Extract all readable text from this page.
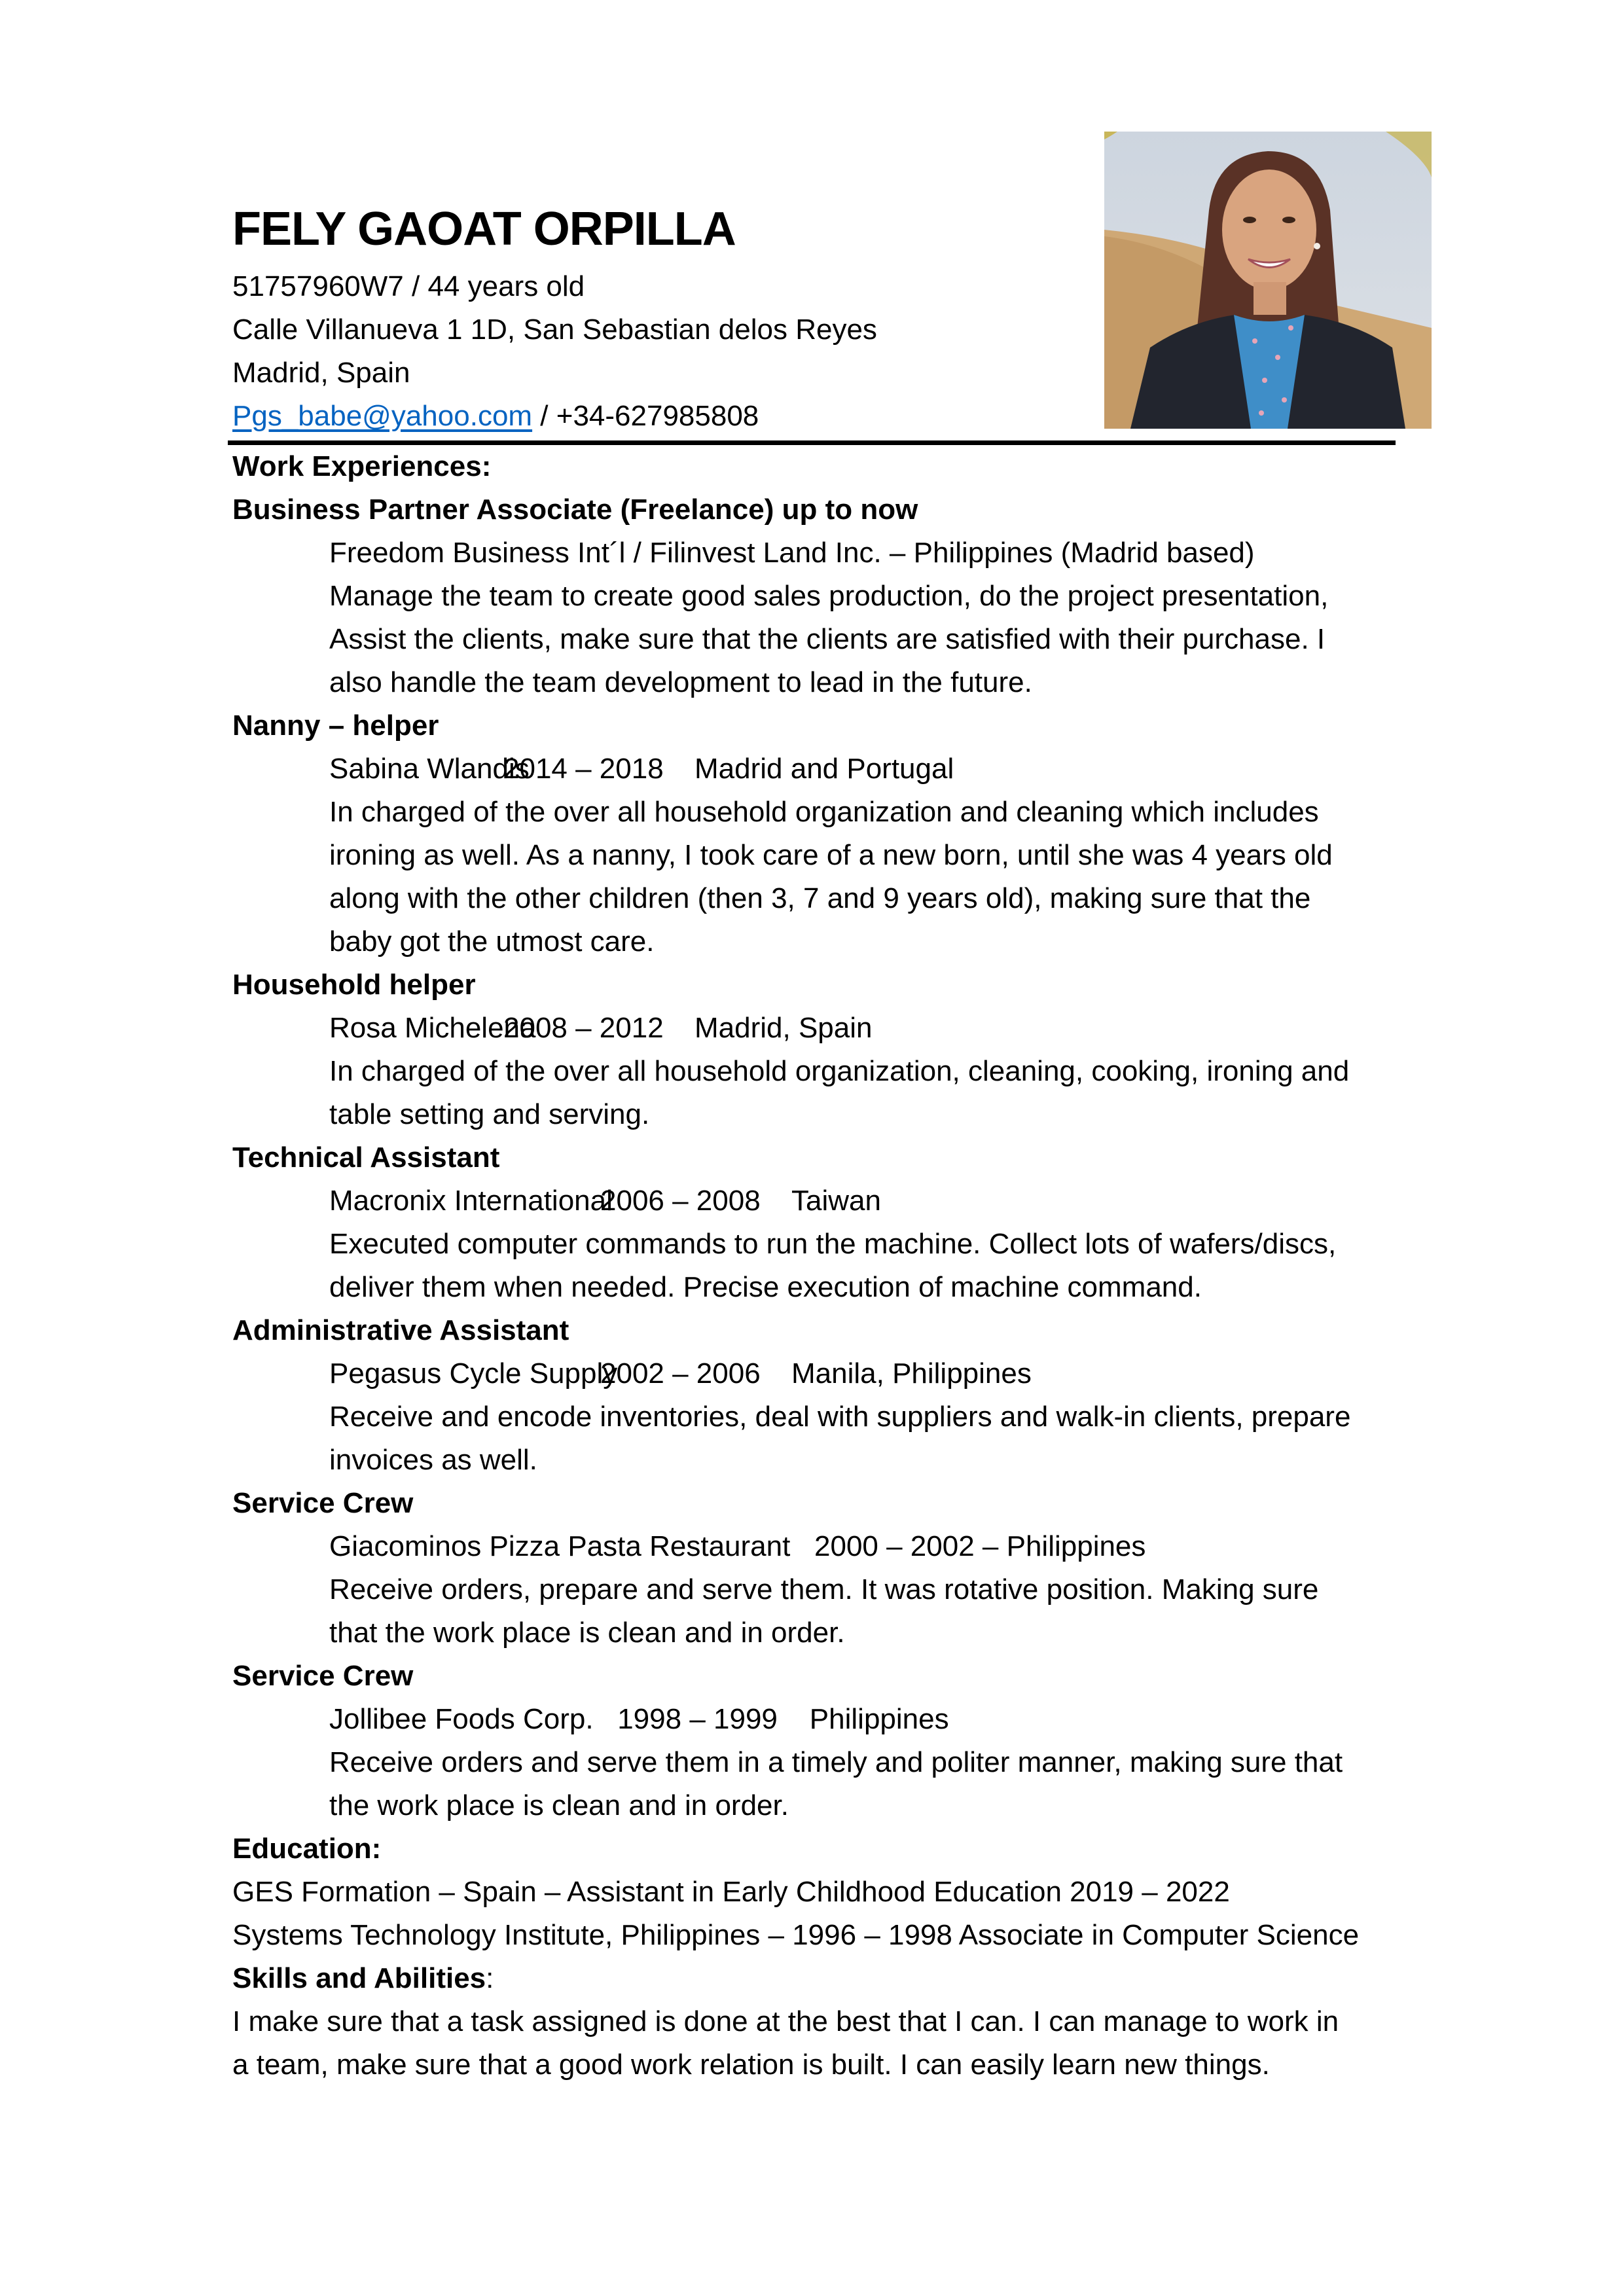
FELY GAOAT ORPILLA
51757960W7 / 44 years old
Calle Villanueva 1 1D, San Sebastian delos Reyes
Madrid, Spain
Pgs_babe@yahoo.com / +34-627985808
Work Experiences:
Business Partner Associate (Freelance) up to now
Freedom Business Int´l / Filinvest Land Inc. – Philippines (Madrid based)
Manage the team to create good sales production, do the project presentation,
Assist the clients, make sure that the clients are satisfied with their purchase. I
also handle the team development to lead in the future.
Nanny – helper
Sabina Wlandis
2014 – 2018	Madrid and Portugal
In charged of the over all household organization and cleaning which includes
ironing as well. As a nanny, I took care of a new born, until she was 4 years old
along with the other children (then 3, 7 and 9 years old), making sure that the
baby got the utmost care.
Household helper
Rosa Michelena
2008 – 2012	Madrid, Spain
In charged of the over all household organization, cleaning, cooking, ironing and
table setting and serving.
Technical Assistant
Macronix International
2006 – 2008	Taiwan
Executed computer commands to run the machine. Collect lots of wafers/discs,
deliver them when needed. Precise execution of machine command.
Administrative Assistant
Pegasus Cycle Supply
2002 – 2006	Manila, Philippines
Receive and encode inventories, deal with suppliers and walk-in clients, prepare
invoices as well.
Service Crew
Giacominos Pizza Pasta Restaurant   2000 – 2002 – Philippines
Receive orders, prepare and serve them. It was rotative position. Making sure
that the work place is clean and in order.
Service Crew
Jollibee Foods Corp.   1998 – 1999    Philippines
Receive orders and serve them in a timely and politer manner, making sure that
the work place is clean and in order.
Education:
GES Formation – Spain – Assistant in Early Childhood Education 2019 – 2022
Systems Technology Institute, Philippines – 1996 – 1998 Associate in Computer Science
Skills and Abilities:
I make sure that a task assigned is done at the best that I can. I can manage to work in
a team, make sure that a good work relation is built. I can easily learn new things.
